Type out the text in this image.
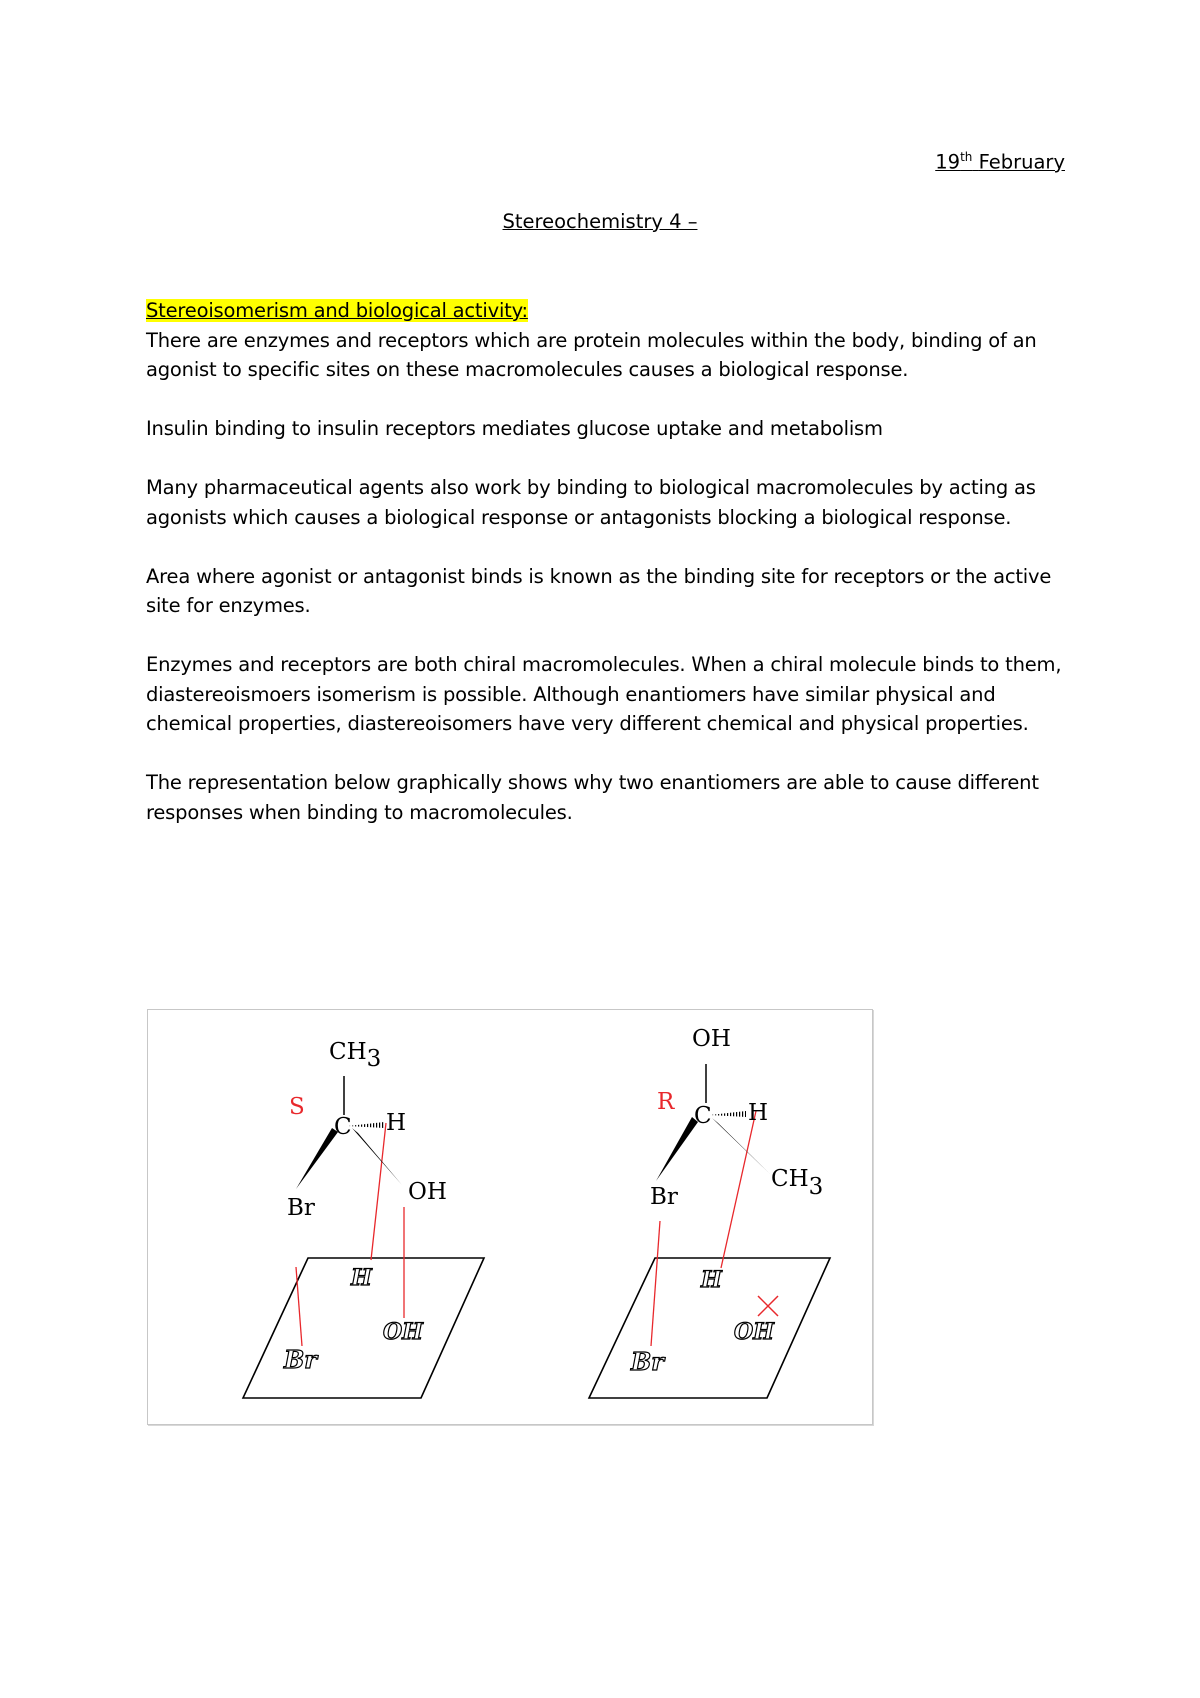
19th February
Stereochemistry 4 –
Stereoisomerism and biological activity:

There are enzymes and receptors which are protein molecules within the body, binding of an agonist to specific sites on these macromolecules causes a biological response.

Insulin binding to insulin receptors mediates glucose uptake and metabolism

Many pharmaceutical agents also work by binding to biological macromolecules by acting as agonists which causes a biological response or antagonists blocking a biological response.

Area where agonist or antagonist binds is known as the binding site for receptors or the active site for enzymes.

Enzymes and receptors are both chiral macromolecules. When a chiral molecule binds to them, diastereoismoers isomerism is possible. Although enantiomers have similar physical and chemical properties, diastereoisomers have very different chemical and physical properties.

The representation below graphically shows why two enantiomers are able to cause different responses when binding to macromolecules.

S
CH3
C H
OH
Br
H
OH
Br
R
OH
C H
CH3
Br
H
OH
Br
